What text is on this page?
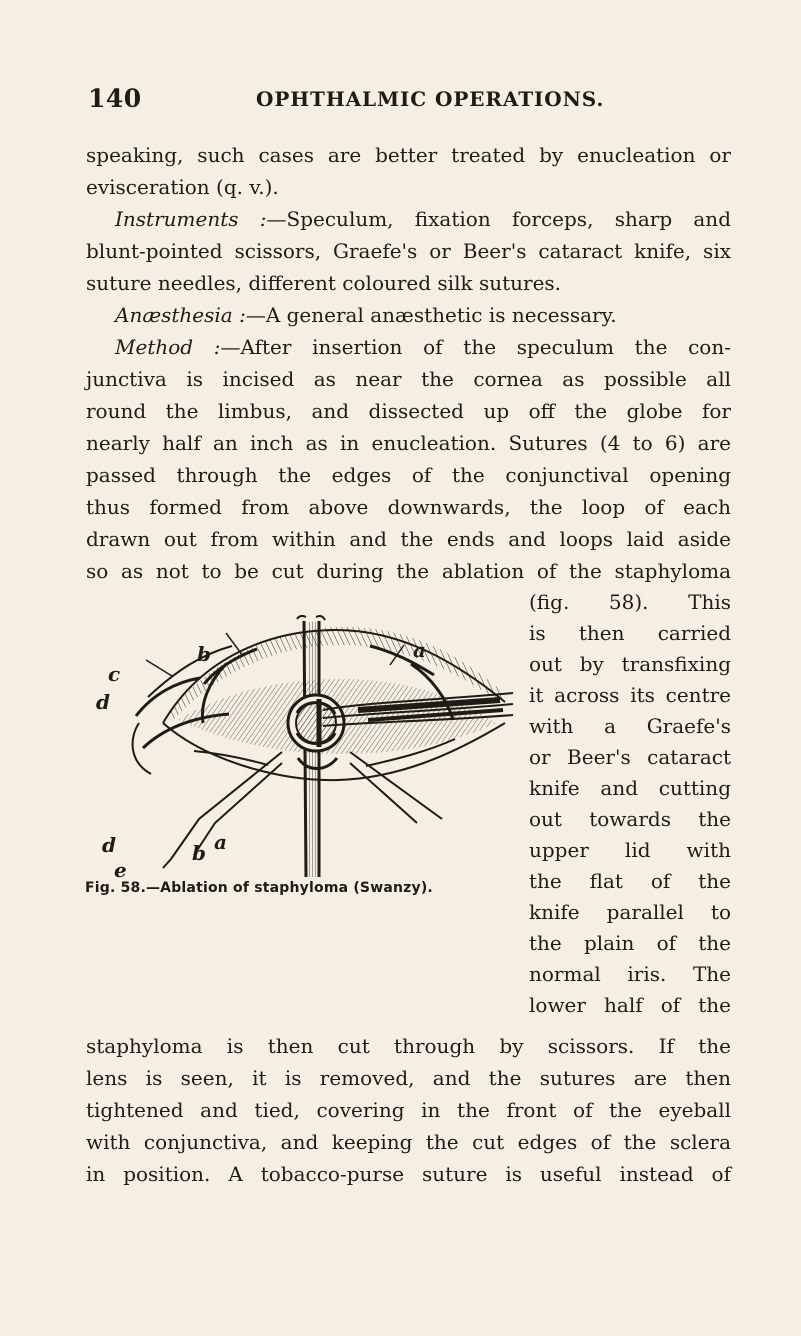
140	OPHTHALMIC OPERATIONS.
speaking, such cases are better treated by enucleation or
evisceration (q. v.).
Instruments :—Speculum, fixation forceps, sharp and
blunt-pointed scissors, Graefe's or Beer's cataract knife, six
suture needles, different coloured silk sutures.
Anæsthesia :—A general anæsthetic is necessary.
Method :—After insertion of the speculum the con-
junctiva is incised as near the cornea as possible all
round the limbus, and dissected up off the globe for
nearly half an inch as in enucleation. Sutures (4 to 6) are
passed through the edges of the conjunctival opening
thus formed from above downwards, the loop of each
drawn out from within and the ends and loops laid aside
so as not to be cut during the ablation of the staphyloma
(fig. 58). This
is then carried
out by transfixing
it across its centre
with a Graefe's
or Beer's cataract
knife and cutting
out towards the
upper lid with
the flat of the
knife parallel to
the plain of the
normal iris. The
lower half of the
b	a
c
d
d
e
b a
Fig. 58.—Ablation of staphyloma (Swanzy).
staphyloma is then cut through by scissors. If the
lens is seen, it is removed, and the sutures are then
tightened and tied, covering in the front of the eyeball
with conjunctiva, and keeping the cut edges of the sclera
in position. A tobacco-purse suture is useful instead of
